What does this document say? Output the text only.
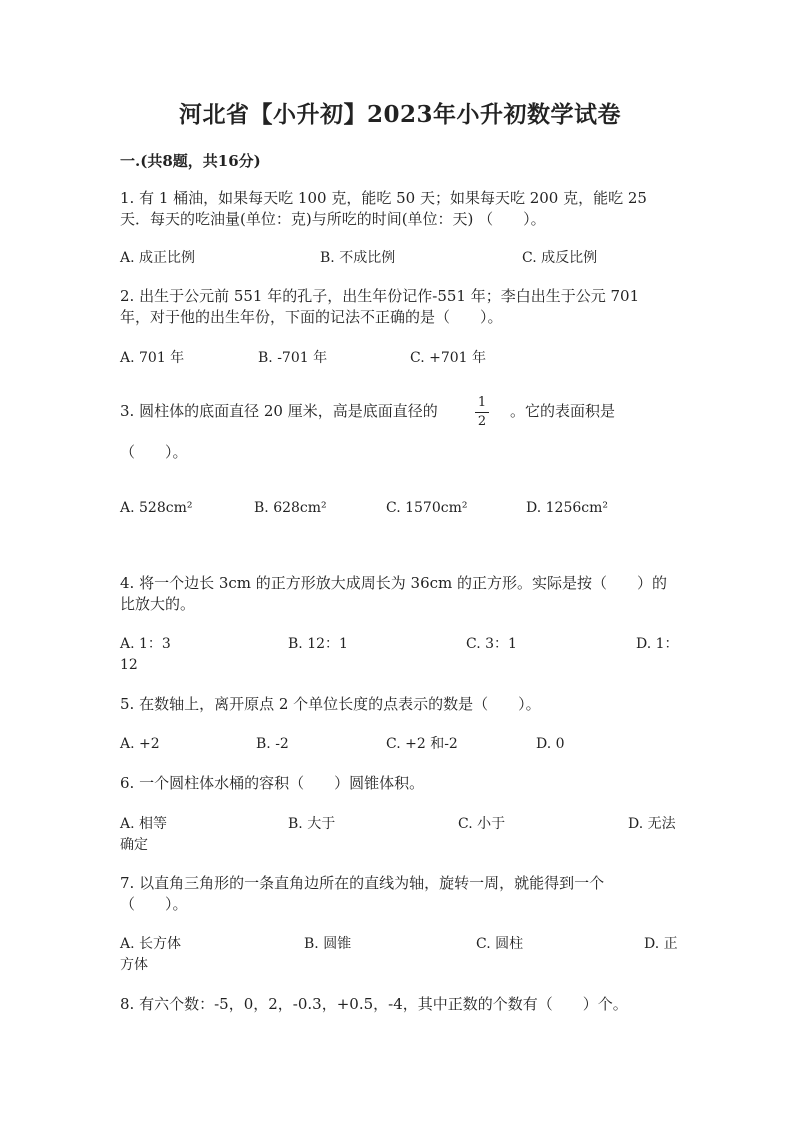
河北省【小升初】2023年小升初数学试卷
一.(共8题，共16分)
1. 有 1 桶油，如果每天吃 100 克，能吃 50 天；如果每天吃 200 克，能吃 25
天．每天的吃油量(单位：克)与所吃的时间(单位：天) （　　）。
A. 成正比例	B. 不成比例	C. 成反比例
2. 出生于公元前 551 年的孔子，出生年份记作-551 年；李白出生于公元 701
年，对于他的出生年份，下面的记法不正确的是（　　）。
A. 701 年	B. -701 年	C. +701 年
3. 圆柱体的底面直径 20 厘米，高是底面直径的	。它的表面积是
1
2
（　　）。
A. 528cm²	B. 628cm²	C. 1570cm²	D. 1256cm²
4. 将一个边长 3cm 的正方形放大成周长为 36cm 的正方形。实际是按（　　）的
比放大的。
A. 1：3	B. 12：1	C. 3：1	D. 1：
12
5. 在数轴上，离开原点 2 个单位长度的点表示的数是（　　）。
A. +2	B. -2	C. +2 和-2	D. 0
6. 一个圆柱体水桶的容积（　　）圆锥体积。
A. 相等	B. 大于	C. 小于	D. 无法
确定
7. 以直角三角形的一条直角边所在的直线为轴，旋转一周，就能得到一个
（　　）。
A. 长方体	B. 圆锥	C. 圆柱	D. 正
方体
8. 有六个数：-5，0，2，-0.3，+0.5，-4，其中正数的个数有（　　）个。
